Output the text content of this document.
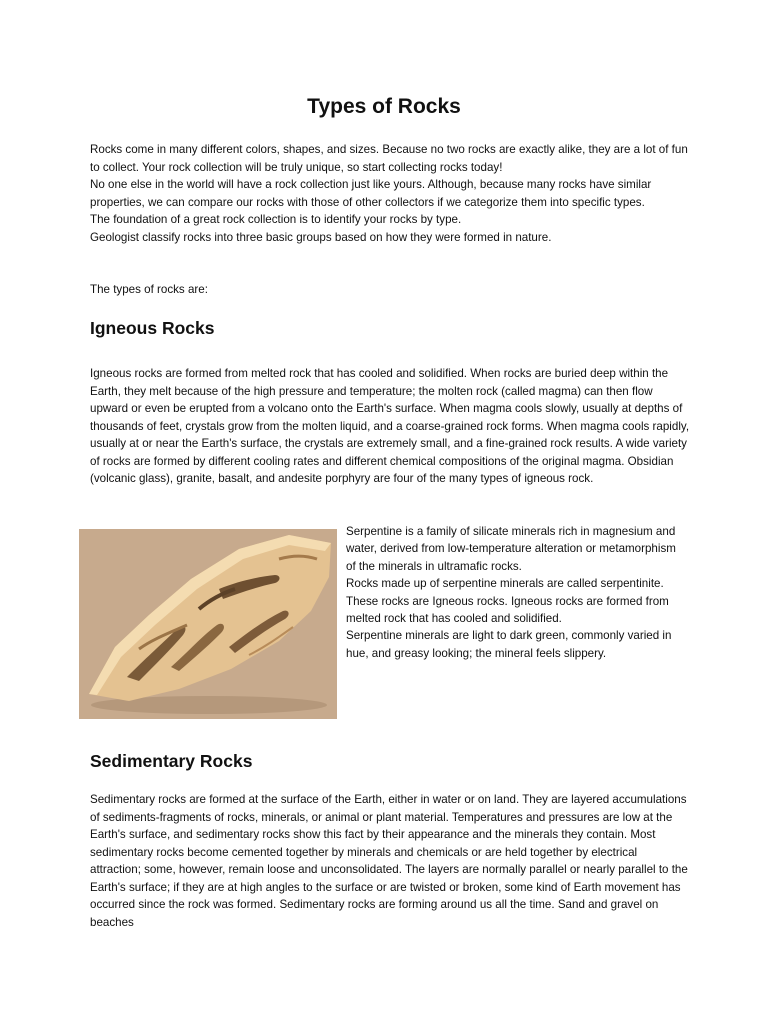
Types of Rocks

Rocks come in many different colors, shapes, and sizes. Because no two rocks are exactly alike, they are a lot of fun to collect. Your rock collection will be truly unique, so start collecting rocks today!

No one else in the world will have a rock collection just like yours. Although, because many rocks have similar properties, we can compare our rocks with those of other collectors if we categorize them into specific types.

The foundation of a great rock collection is to identify your rocks by type.

Geologist classify rocks into three basic groups based on how they were formed in nature.

The types of rocks are:
Igneous Rocks
Igneous rocks are formed from melted rock that has cooled and solidified. When rocks are buried deep within the Earth, they melt because of the high pressure and temperature; the molten rock (called magma) can then flow upward or even be erupted from a volcano onto the Earth's surface. When magma cools slowly, usually at depths of thousands of feet, crystals grow from the molten liquid, and a coarse-grained rock forms. When magma cools rapidly, usually at or near the Earth's surface, the crystals are extremely small, and a fine-grained rock results. A wide variety of rocks are formed by different cooling rates and different chemical compositions of the original magma. Obsidian (volcanic glass), granite, basalt, and andesite porphyry are four of the many types of igneous rock.

Serpentine is a family of silicate minerals rich in magnesium and water, derived from low-temperature alteration or metamorphism of the minerals in ultramafic rocks.

Rocks made up of serpentine minerals are called serpentinite. These rocks are Igneous rocks. Igneous rocks are formed from melted rock that has cooled and solidified.

Serpentine minerals are light to dark green, commonly varied in hue, and greasy looking; the mineral feels slippery.

Sedimentary Rocks
Sedimentary rocks are formed at the surface of the Earth, either in water or on land. They are layered accumulations of sediments-fragments of rocks, minerals, or animal or plant material. Temperatures and pressures are low at the Earth's surface, and sedimentary rocks show this fact by their appearance and the minerals they contain. Most sedimentary rocks become cemented together by minerals and chemicals or are held together by electrical attraction; some, however, remain loose and unconsolidated. The layers are normally parallel or nearly parallel to the Earth's surface; if they are at high angles to the surface or are twisted or broken, some kind of Earth movement has occurred since the rock was formed. Sedimentary rocks are forming around us all the time. Sand and gravel on beaches
